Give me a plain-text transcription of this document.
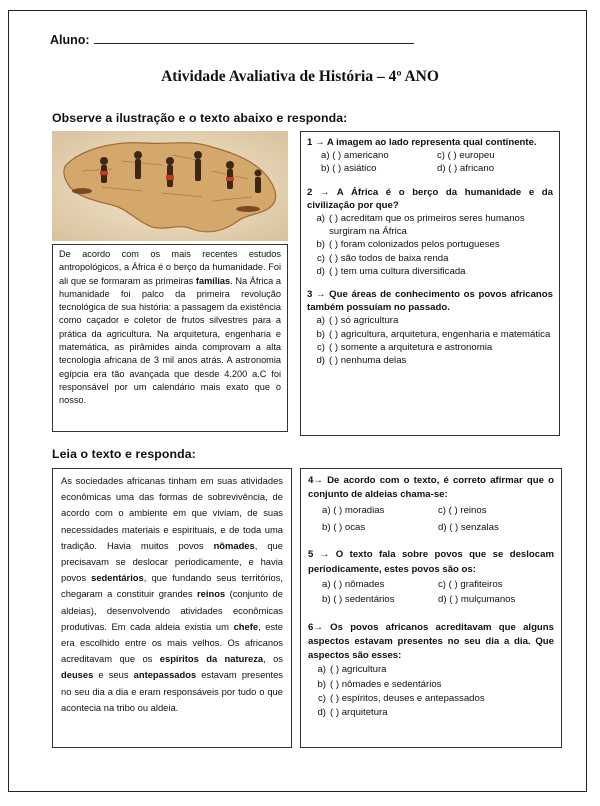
Aluno:
Atividade Avaliativa de História – 4º ANO
Observe a ilustração e o texto abaixo e responda:

De acordo com os mais recentes estudos antropológicos, a África é o berço da humanidade. Foi ali que se formaram as primeiras famílias. Na África a humanidade foi palco da primeira revolução tecnológica de sua história: a passagem da existência como caçador e coletor de frutos silvestres para a prática da agricultura. Na arquitetura, engenharia e matemática, as pirâmides ainda comprovam a alta tecnologia africana de 3 mil anos atrás. A astronomia egípcia era tão avançada que desde 4.200 a.C foi responsável por um calendário mais exato que o nosso.

1 → A imagem ao lado representa qual continente.
a) ( ) americano	c) ( ) europeu
b) ( ) asiático	d) ( ) africano
2 → A África é o berço da humanidade e da civilização por que?
a) ( ) acreditam que os primeiros seres humanos surgiram na África
b) ( ) foram colonizados pelos portugueses
c) ( ) são todos de baixa renda
d) ( ) tem uma cultura diversificada
3 → Que áreas de conhecimento os povos africanos também possuíam no passado.
a) ( ) só agricultura
b) ( ) agricultura, arquitetura, engenharia e matemática
c) ( ) somente a arquitetura e astronomia
d) ( ) nenhuma delas
Leia o texto e responda:

As sociedades africanas tinham em suas atividades econômicas uma das formas de sobrevivência, de acordo com o ambiente em que viviam, de suas necessidades materiais e espirituais, e de toda uma tradição. Havia muitos povos nômades, que precisavam se deslocar periodicamente, e havia povos sedentários, que fundando seus territórios, chegaram a constituir grandes reinos (conjunto de aldeias), desenvolvendo atividades econômicas produtivas. Em cada aldeia existia um chefe, este era escolhido entre os mais velhos. Os africanos acreditavam que os espíritos da natureza, os deuses e seus antepassados estavam presentes no seu dia a dia e eram responsáveis por tudo o que acontecia na tribo ou aldeia.

4→ De acordo com o texto, é correto afirmar que o conjunto de aldeias chama-se:
a) ( ) moradias	c) ( ) reinos
b) ( ) ocas	d) ( ) senzalas
5 → O texto fala sobre povos que se deslocam periodicamente, estes povos são os:
a) ( ) nômades	c) ( ) grafiteiros
b) ( ) sedentários	d) ( ) mulçumanos
6→ Os povos africanos acreditavam que alguns aspectos estavam presentes no seu dia a dia. Que aspectos são esses:
a) ( ) agricultura
b) ( ) nômades e sedentários
c) ( ) espíritos, deuses e antepassados
d) ( ) arquitetura
